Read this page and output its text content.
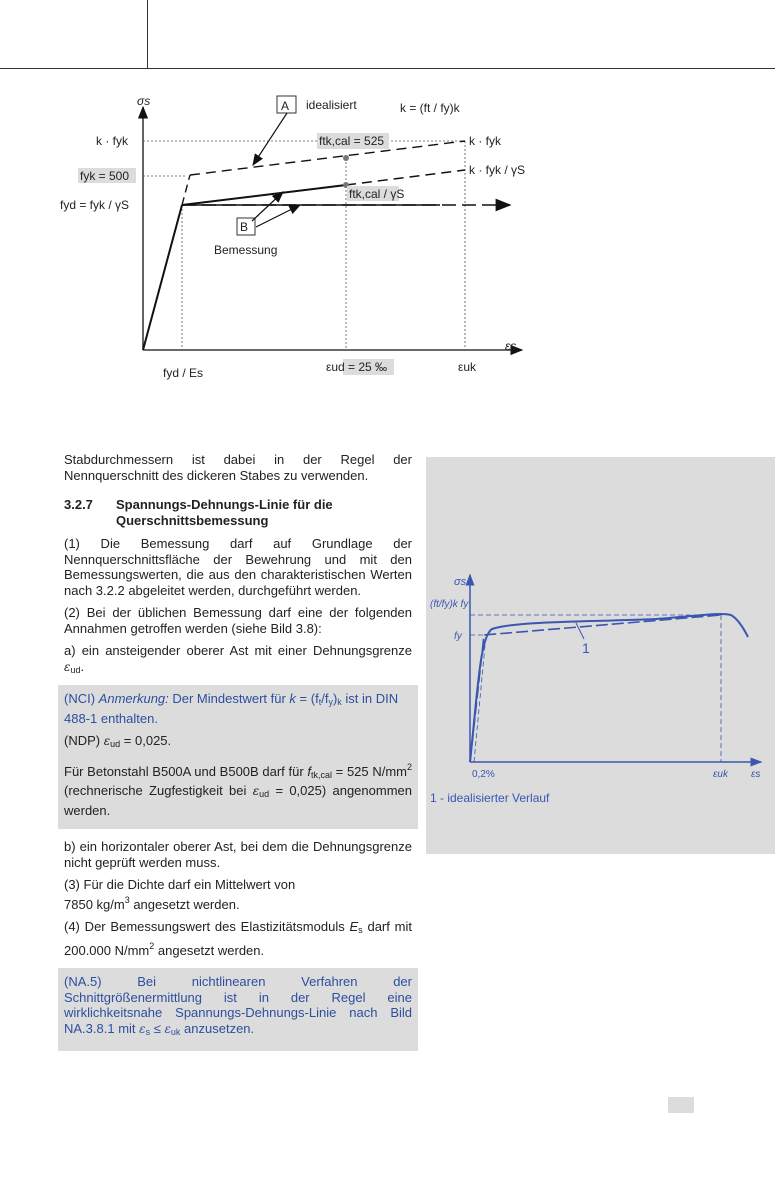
A idealisiert
B
Bemessung
σs
εs
k = (ft / fy)k
k · fyk
fyk = 500
fyd = fyk / γS
ftk,cal = 525
ftk,cal / γS
k · fyk
k · fyk / γS
fyd / Es	εud = 25 ‰	εuk

Stabdurchmessern ist dabei in der Regel der Nennquerschnitt des dickeren Stabes zu verwenden.

3.2.7	Spannungs-Dehnungs-Linie für die Querschnittsbemessung

(1) Die Bemessung darf auf Grundlage der Nennquerschnittsfläche der Bewehrung und mit den Bemessungswerten, die aus den charakteristischen Werten nach 3.2.2 abgeleitet werden, durchgeführt werden.

(2) Bei der üblichen Bemessung darf eine der folgenden Annahmen getroffen werden (siehe Bild 3.8):

a) ein ansteigender oberer Ast mit einer Dehnungsgrenze $\varepsilon_{ud}$.

(NCI) Anmerkung: Der Mindestwert für $k = (f_t/f_y)_k$ ist in DIN 488-1 enthalten.

(NDP) $\varepsilon_{ud} = 0,025$.

Für Betonstahl B500A und B500B darf für $f_{tk,cal} = 525$ $N/mm^2$ (rechnerische Zugfestigkeit bei $\varepsilon_{ud} = 0,025$) angenommen werden.

b) ein horizontaler oberer Ast, bei dem die Dehnungsgrenze nicht geprüft werden muss.

(3) Für die Dichte darf ein Mittelwert von
7850 $kg/m^3$ angesetzt werden.

(4) Der Bemessungswert des Elastizitätsmoduls $E_s$ darf mit 200.000 $N/mm^2$ angesetzt werden.

(NA.5) Bei nichtlinearen Verfahren der Schnittgrößenermittlung ist in der Regel eine wirklichkeitsnahe Spannungs-Dehnungs-Linie nach Bild NA.3.8.1 mit $\varepsilon_s \le \varepsilon_{uk}$ anzusetzen.

σs
(ft/fy)k fy
fy
1
0,2%	εuk εs
1 - idealisierter Verlauf
